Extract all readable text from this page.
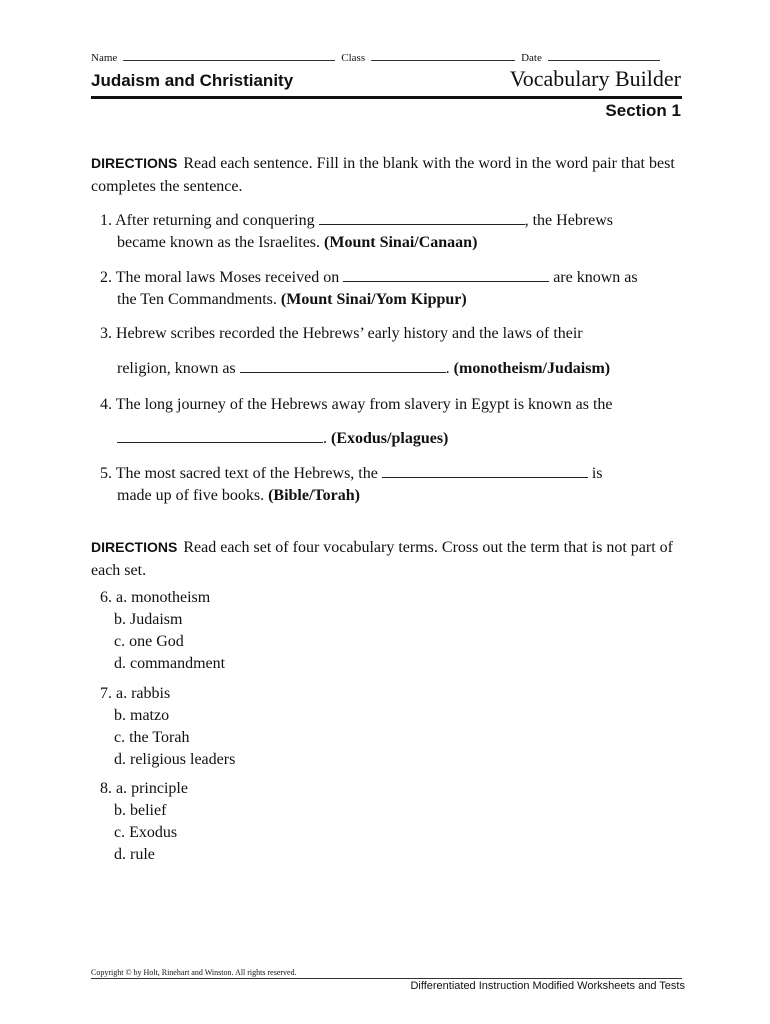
Name	Class	Date
Judaism and Christianity	Vocabulary Builder
Section 1
DIRECTIONS Read each sentence. Fill in the blank with the word in the word pair that best completes the sentence.
1. After returning and conquering	, the Hebrews
became known as the Israelites. (Mount Sinai/Canaan)
2. The moral laws Moses received on	are known as
the Ten Commandments. (Mount Sinai/Yom Kippur)
3. Hebrew scribes recorded the Hebrews’ early history and the laws of their
religion, known as	. (monotheism/Judaism)
4. The long journey of the Hebrews away from slavery in Egypt is known as the
. (Exodus/plagues)
5. The most sacred text of the Hebrews, the	is
made up of five books. (Bible/Torah)
DIRECTIONS Read each set of four vocabulary terms. Cross out the term that is not part of each set.
6. a. monotheism
b. Judaism
c. one God
d. commandment
7. a. rabbis
b. matzo
c. the Torah
d. religious leaders
8. a. principle
b. belief
c. Exodus
d. rule
Copyright © by Holt, Rinehart and Winston. All rights reserved.
Differentiated Instruction Modified Worksheets and Tests
